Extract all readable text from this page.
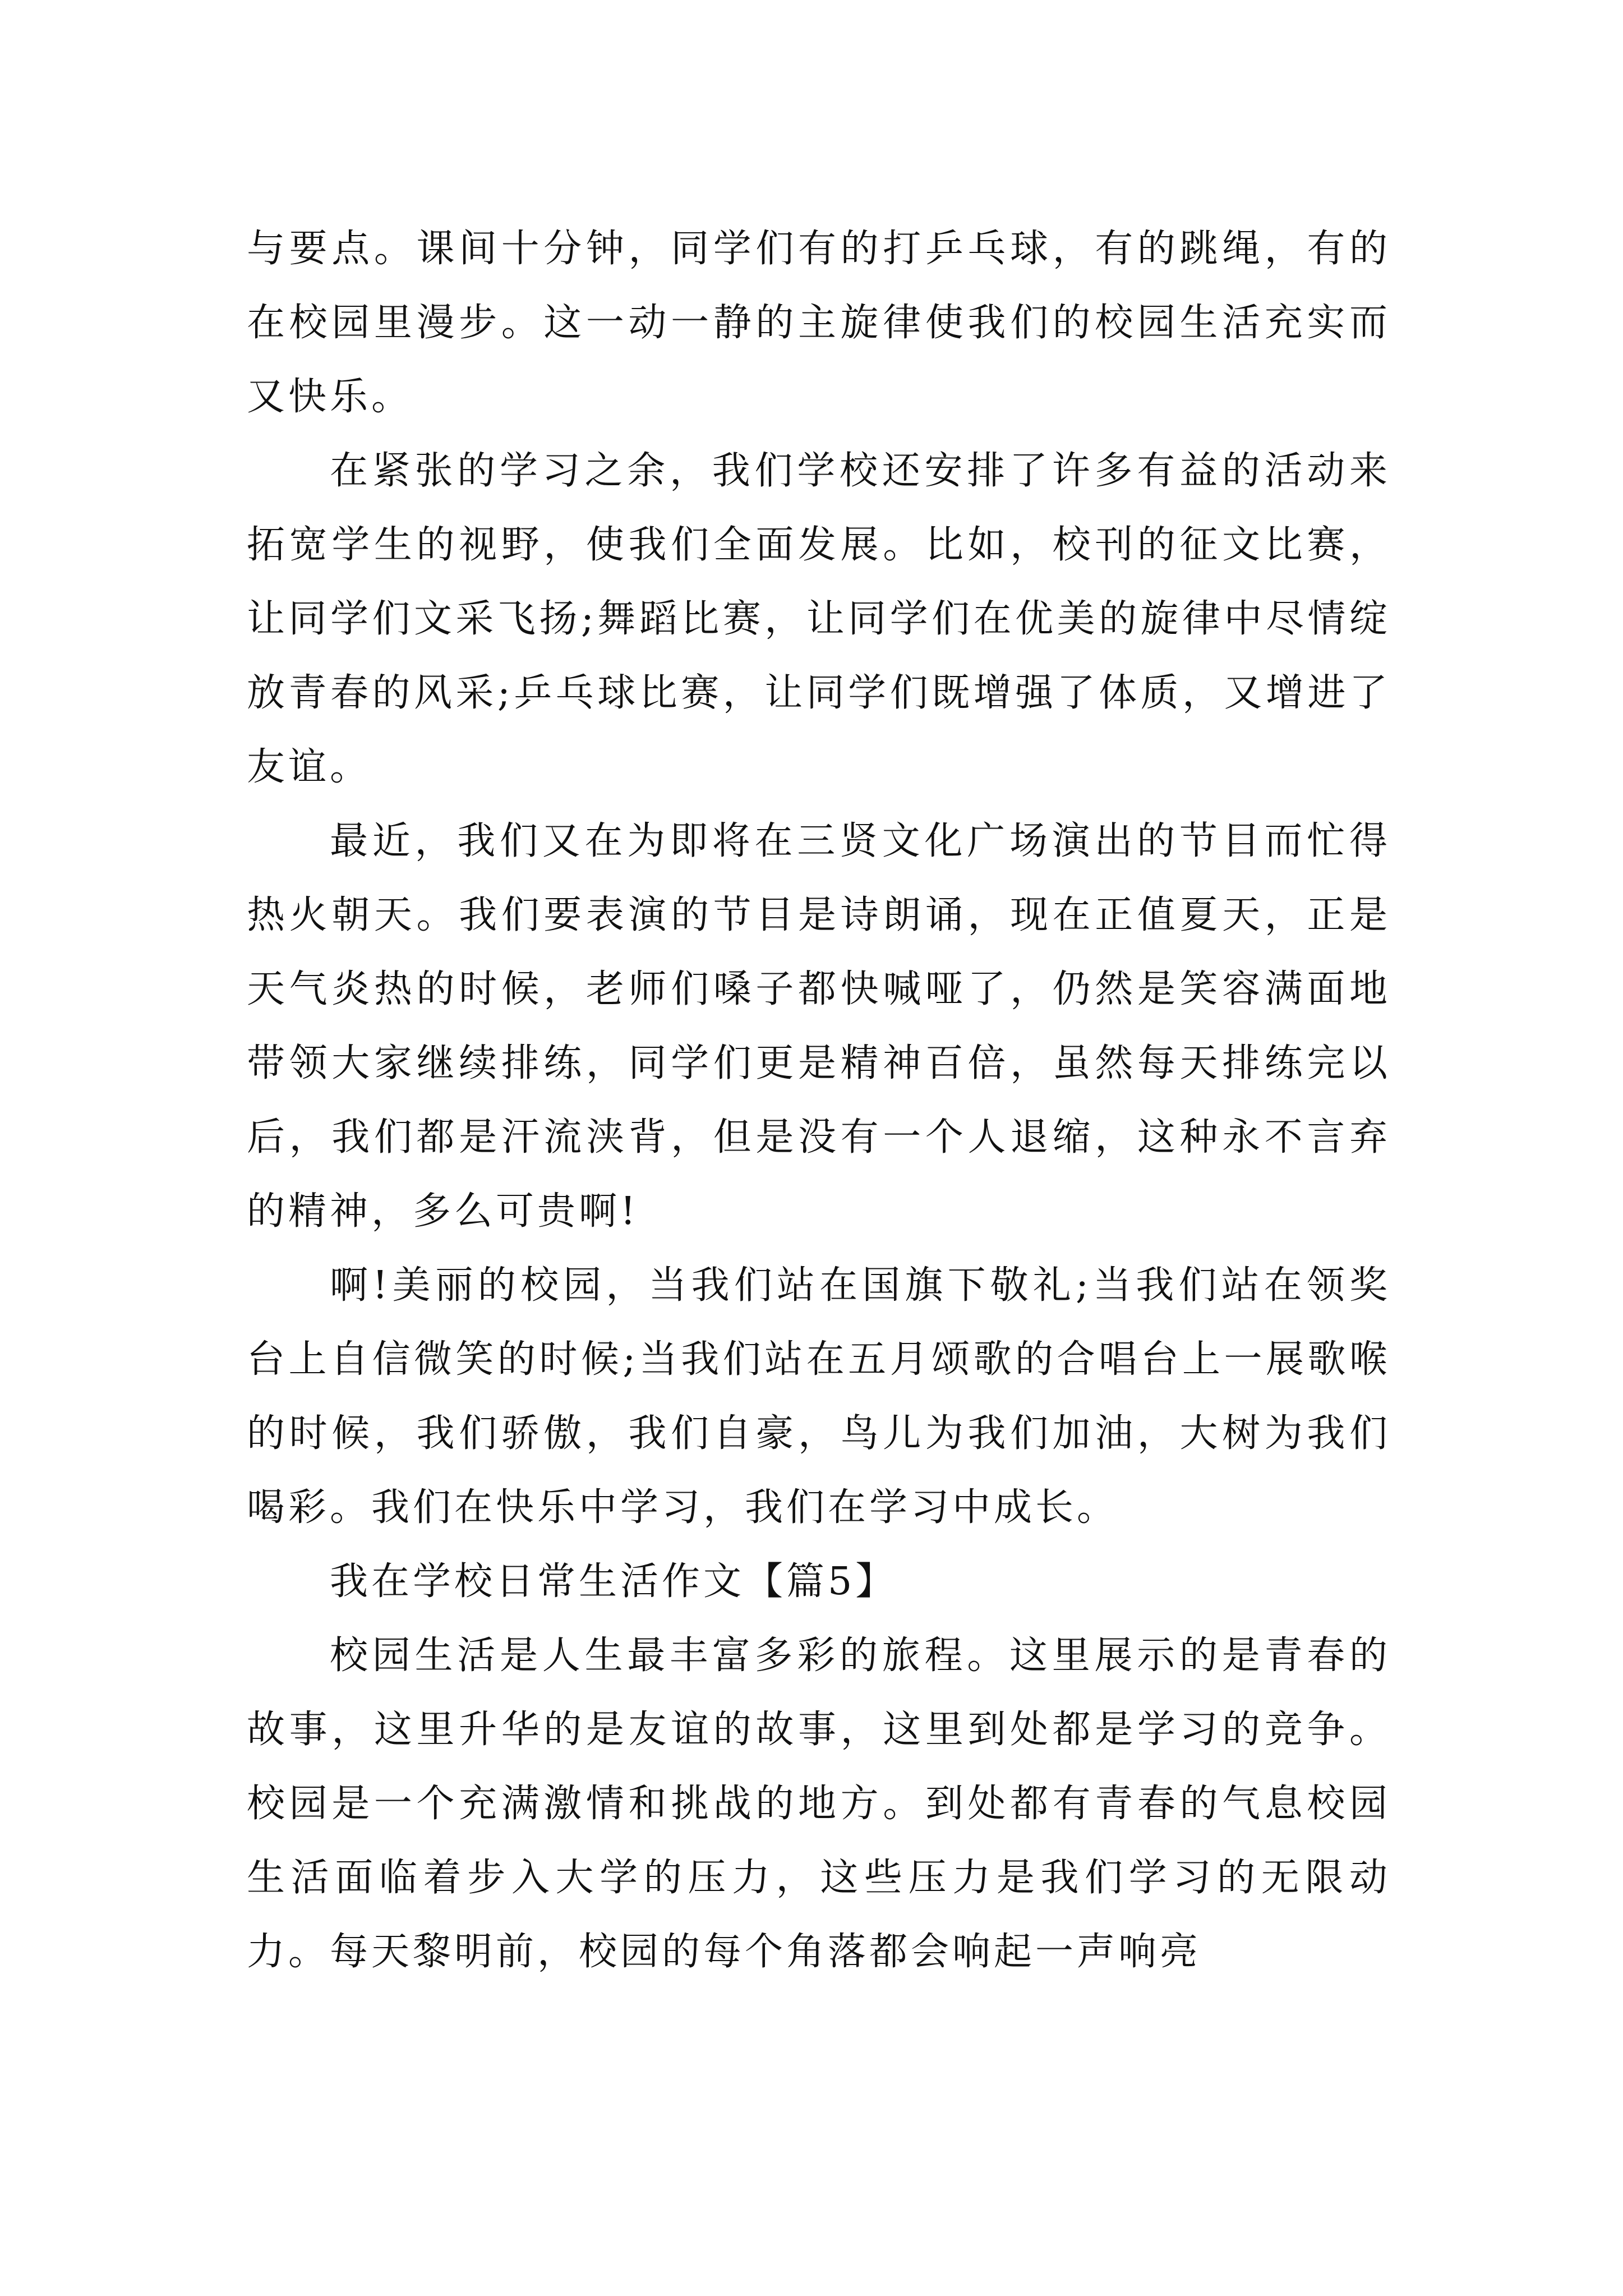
与要点。课间十分钟，同学们有的打乒乓球，有的跳绳，有的在校园里漫步。这一动一静的主旋律使我们的校园生活充实而又快乐。

在紧张的学习之余，我们学校还安排了许多有益的活动来拓宽学生的视野，使我们全面发展。比如，校刊的征文比赛，让同学们文采飞扬;舞蹈比赛，让同学们在优美的旋律中尽情绽放青春的风采;乒乓球比赛，让同学们既增强了体质，又增进了友谊。

最近，我们又在为即将在三贤文化广场演出的节目而忙得热火朝天。我们要表演的节目是诗朗诵，现在正值夏天，正是天气炎热的时候，老师们嗓子都快喊哑了，仍然是笑容满面地带领大家继续排练，同学们更是精神百倍，虽然每天排练完以后，我们都是汗流浃背，但是没有一个人退缩，这种永不言弃的精神，多么可贵啊!

啊!美丽的校园，当我们站在国旗下敬礼;当我们站在领奖台上自信微笑的时候;当我们站在五月颂歌的合唱台上一展歌喉的时候，我们骄傲，我们自豪，鸟儿为我们加油，大树为我们喝彩。我们在快乐中学习，我们在学习中成长。

我在学校日常生活作文【篇5】

校园生活是人生最丰富多彩的旅程。这里展示的是青春的故事，这里升华的是友谊的故事，这里到处都是学习的竞争。校园是一个充满激情和挑战的地方。到处都有青春的气息校园生活面临着步入大学的压力，这些压力是我们学习的无限动力。每天黎明前，校园的每个角落都会响起一声响亮
